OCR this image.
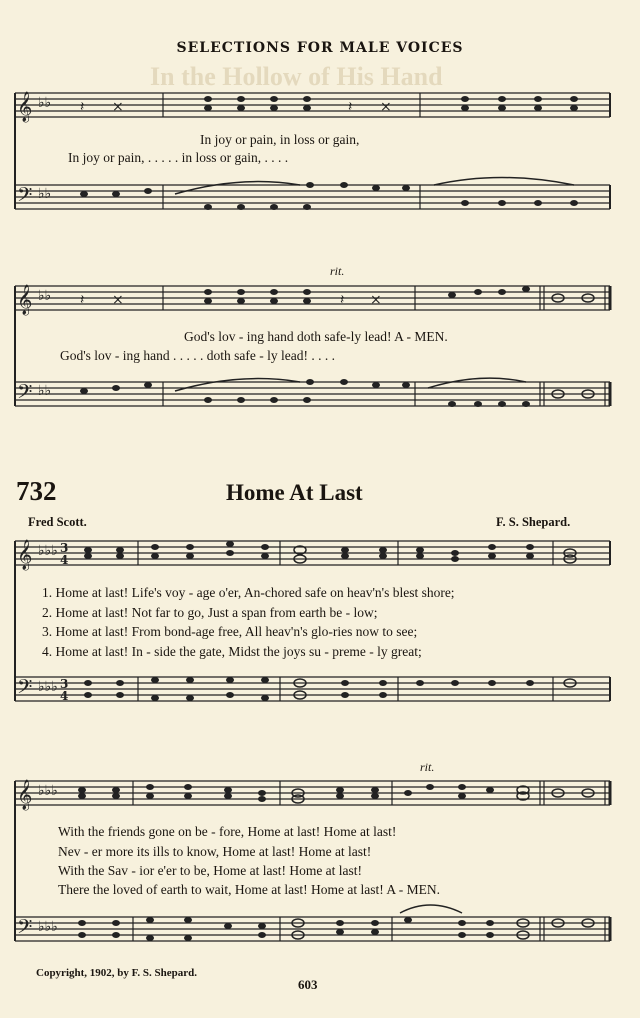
In the Hollow of His Hand
SELECTIONS FOR MALE VOICES
𝄞
𝄢
♭♭
♭♭
𝄽 ×	𝄽 ×
In joy or pain, in loss or gain,
In joy or pain, . . . . . in loss or gain, . . . .
rit.
𝄞
𝄢
♭♭
♭♭
𝄽 ×	𝄽 ×
God's lov - ing hand doth safe-ly lead! A - MEN.
God's lov - ing hand . . . . . doth safe - ly lead! . . . .
732	Home At Last
Fred Scott.	F. S. Shepard.
𝄞
𝄢
♭♭♭
♭♭♭
3
4
3
4
1. Home at last! Life's voy - age o'er, An-chored safe on heav'n's blest shore;
2. Home at last! Not far to go, Just a span from earth be - low;
3. Home at last! From bond-age free, All heav'n's glo-ries now to see;
4. Home at last! In - side the gate, Midst the joys su - preme - ly great;
rit.
𝄞
𝄢
♭♭♭
♭♭♭
With the friends gone on be - fore, Home at last! Home at last!
Nev - er more its ills to know, Home at last! Home at last!
With the Sav - ior e'er to be, Home at last! Home at last!
There the loved of earth to wait, Home at last! Home at last! A - MEN.
Copyright, 1902, by F. S. Shepard.
603
